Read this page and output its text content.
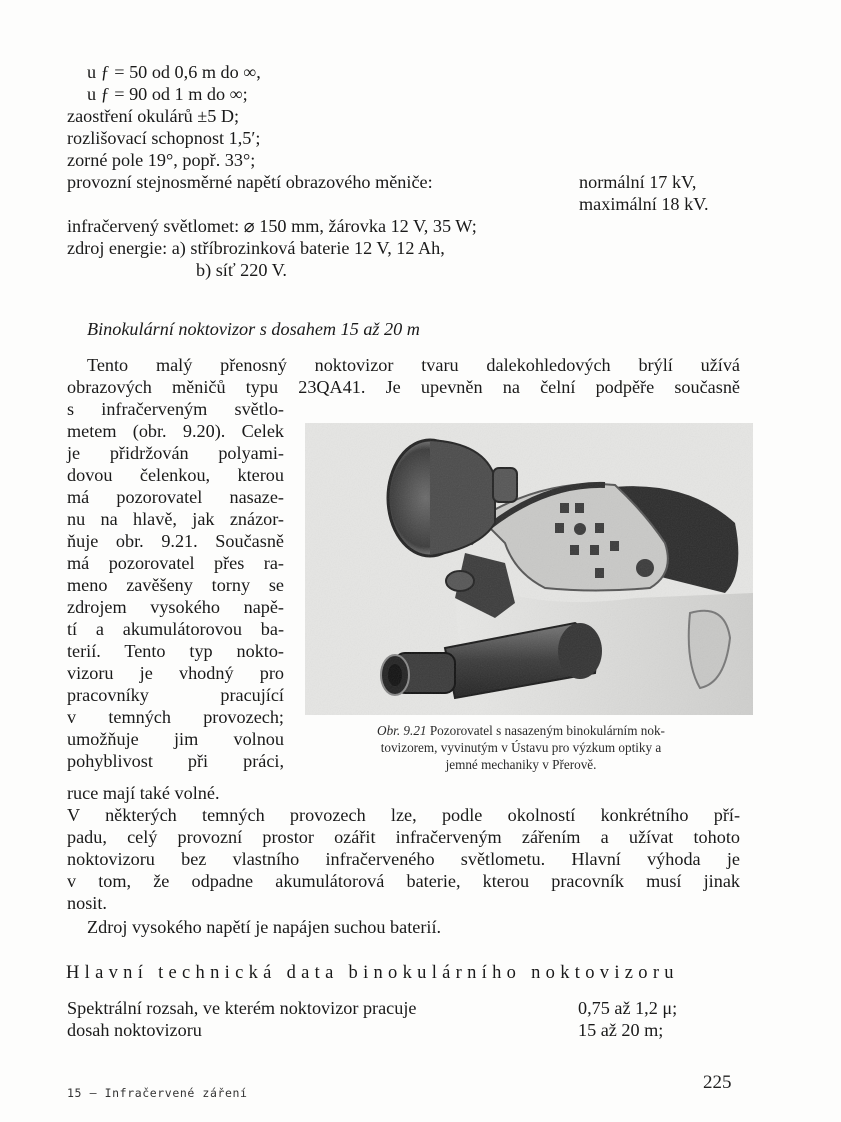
u ƒ = 50 od 0,6 m do ∞,
u ƒ = 90 od 1 m do ∞;
zaostření okulárů ±5 D;
rozlišovací schopnost 1,5′;
zorné pole 19°, popř. 33°;
provozní stejnosměrné napětí obrazového měniče:	normální 17 kV,
maximální 18 kV.
infračervený světlomet: ⌀ 150 mm, žárovka 12 V, 35 W;
zdroj energie: a) stříbrozinková baterie 12 V, 12 Ah,
b) síť 220 V.
Binokulární noktovizor s dosahem 15 až 20 m
Tento malý přenosný noktovizor tvaru dalekohledových brýlí užívá
obrazových měničů typu 23QA41. Je upevněn na čelní podpěře současně
s infračerveným světlo-
metem (obr. 9.20). Celek
je přidržován polyami-
dovou čelenkou, kterou
má pozorovatel nasaze-
nu na hlavě, jak znázor-
ňuje obr. 9.21. Současně
má pozorovatel přes ra-
meno zavěšeny torny se
zdrojem vysokého napě-
tí a akumulátorovou ba-
terií. Tento typ nokto-
vizoru je vhodný pro
pracovníky pracující
v temných provozech;
umožňuje jim volnou
pohyblivost při práci,
ruce mají také volné.
Obr. 9.21 Pozorovatel s nasazeným binokulárním nok-
tovizorem, vyvinutým v Ústavu pro výzkum optiky a
jemné mechaniky v Přerově.
V některých temných provozech lze, podle okolností konkrétního pří-
padu, celý provozní prostor ozářit infračerveným zářením a užívat tohoto
noktovizoru bez vlastního infračerveného světlometu. Hlavní výhoda je
v tom, že odpadne akumulátorová baterie, kterou pracovník musí jinak
nosit.
Zdroj vysokého napětí je napájen suchou baterií.
Hlavní technická data binokulárního noktovizoru
Spektrální rozsah, ve kterém noktovizor pracuje	0,75 až 1,2 μ;
dosah noktovizoru	15 až 20 m;
15 — Infračervené záření	225
